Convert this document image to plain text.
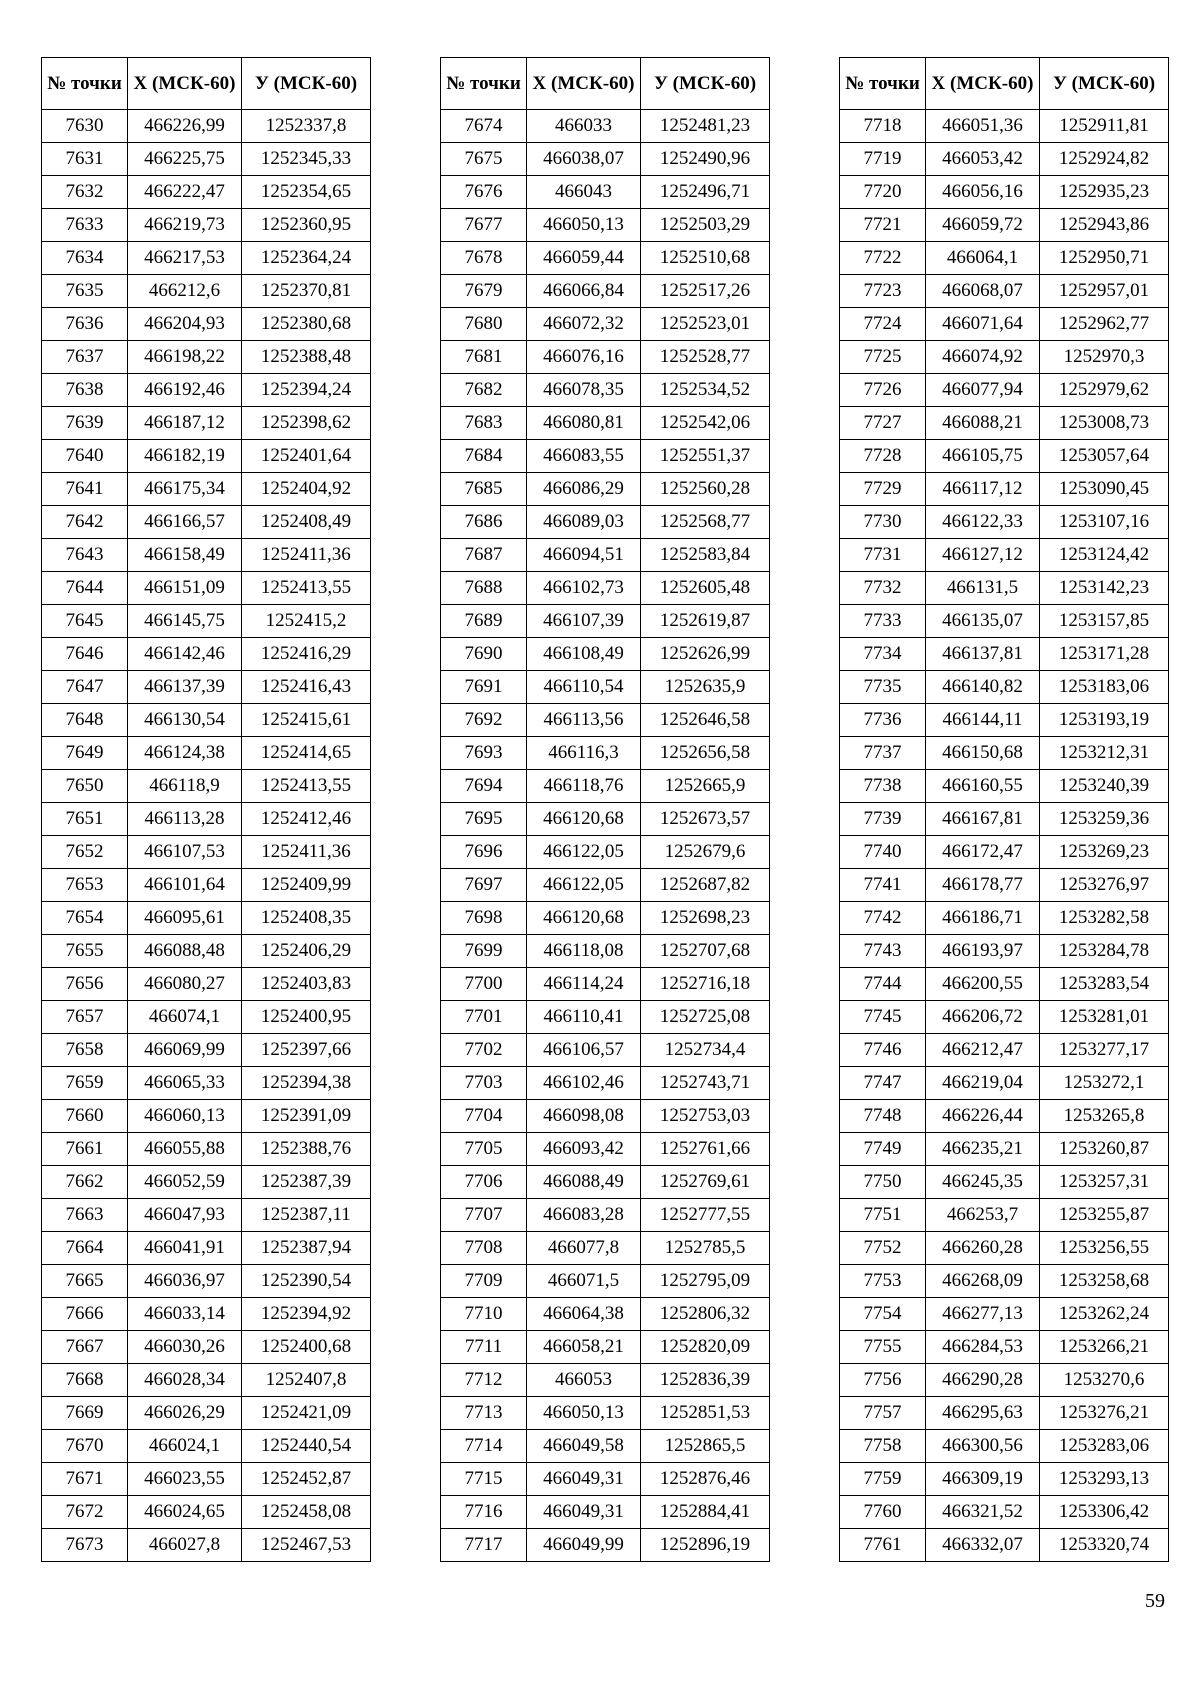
№ точки	Х (МСК-60)	У (МСК-60)
7630	466226,99	1252337,8
7631	466225,75	1252345,33
7632	466222,47	1252354,65
7633	466219,73	1252360,95
7634	466217,53	1252364,24
7635	466212,6	1252370,81
7636	466204,93	1252380,68
7637	466198,22	1252388,48
7638	466192,46	1252394,24
7639	466187,12	1252398,62
7640	466182,19	1252401,64
7641	466175,34	1252404,92
7642	466166,57	1252408,49
7643	466158,49	1252411,36
7644	466151,09	1252413,55
7645	466145,75	1252415,2
7646	466142,46	1252416,29
7647	466137,39	1252416,43
7648	466130,54	1252415,61
7649	466124,38	1252414,65
7650	466118,9	1252413,55
7651	466113,28	1252412,46
7652	466107,53	1252411,36
7653	466101,64	1252409,99
7654	466095,61	1252408,35
7655	466088,48	1252406,29
7656	466080,27	1252403,83
7657	466074,1	1252400,95
7658	466069,99	1252397,66
7659	466065,33	1252394,38
7660	466060,13	1252391,09
7661	466055,88	1252388,76
7662	466052,59	1252387,39
7663	466047,93	1252387,11
7664	466041,91	1252387,94
7665	466036,97	1252390,54
7666	466033,14	1252394,92
7667	466030,26	1252400,68
7668	466028,34	1252407,8
7669	466026,29	1252421,09
7670	466024,1	1252440,54
7671	466023,55	1252452,87
7672	466024,65	1252458,08
7673	466027,8	1252467,53
№ точки	Х (МСК-60)	У (МСК-60)
7674	466033	1252481,23
7675	466038,07	1252490,96
7676	466043	1252496,71
7677	466050,13	1252503,29
7678	466059,44	1252510,68
7679	466066,84	1252517,26
7680	466072,32	1252523,01
7681	466076,16	1252528,77
7682	466078,35	1252534,52
7683	466080,81	1252542,06
7684	466083,55	1252551,37
7685	466086,29	1252560,28
7686	466089,03	1252568,77
7687	466094,51	1252583,84
7688	466102,73	1252605,48
7689	466107,39	1252619,87
7690	466108,49	1252626,99
7691	466110,54	1252635,9
7692	466113,56	1252646,58
7693	466116,3	1252656,58
7694	466118,76	1252665,9
7695	466120,68	1252673,57
7696	466122,05	1252679,6
7697	466122,05	1252687,82
7698	466120,68	1252698,23
7699	466118,08	1252707,68
7700	466114,24	1252716,18
7701	466110,41	1252725,08
7702	466106,57	1252734,4
7703	466102,46	1252743,71
7704	466098,08	1252753,03
7705	466093,42	1252761,66
7706	466088,49	1252769,61
7707	466083,28	1252777,55
7708	466077,8	1252785,5
7709	466071,5	1252795,09
7710	466064,38	1252806,32
7711	466058,21	1252820,09
7712	466053	1252836,39
7713	466050,13	1252851,53
7714	466049,58	1252865,5
7715	466049,31	1252876,46
7716	466049,31	1252884,41
7717	466049,99	1252896,19
№ точки	Х (МСК-60)	У (МСК-60)
7718	466051,36	1252911,81
7719	466053,42	1252924,82
7720	466056,16	1252935,23
7721	466059,72	1252943,86
7722	466064,1	1252950,71
7723	466068,07	1252957,01
7724	466071,64	1252962,77
7725	466074,92	1252970,3
7726	466077,94	1252979,62
7727	466088,21	1253008,73
7728	466105,75	1253057,64
7729	466117,12	1253090,45
7730	466122,33	1253107,16
7731	466127,12	1253124,42
7732	466131,5	1253142,23
7733	466135,07	1253157,85
7734	466137,81	1253171,28
7735	466140,82	1253183,06
7736	466144,11	1253193,19
7737	466150,68	1253212,31
7738	466160,55	1253240,39
7739	466167,81	1253259,36
7740	466172,47	1253269,23
7741	466178,77	1253276,97
7742	466186,71	1253282,58
7743	466193,97	1253284,78
7744	466200,55	1253283,54
7745	466206,72	1253281,01
7746	466212,47	1253277,17
7747	466219,04	1253272,1
7748	466226,44	1253265,8
7749	466235,21	1253260,87
7750	466245,35	1253257,31
7751	466253,7	1253255,87
7752	466260,28	1253256,55
7753	466268,09	1253258,68
7754	466277,13	1253262,24
7755	466284,53	1253266,21
7756	466290,28	1253270,6
7757	466295,63	1253276,21
7758	466300,56	1253283,06
7759	466309,19	1253293,13
7760	466321,52	1253306,42
7761	466332,07	1253320,74
59
